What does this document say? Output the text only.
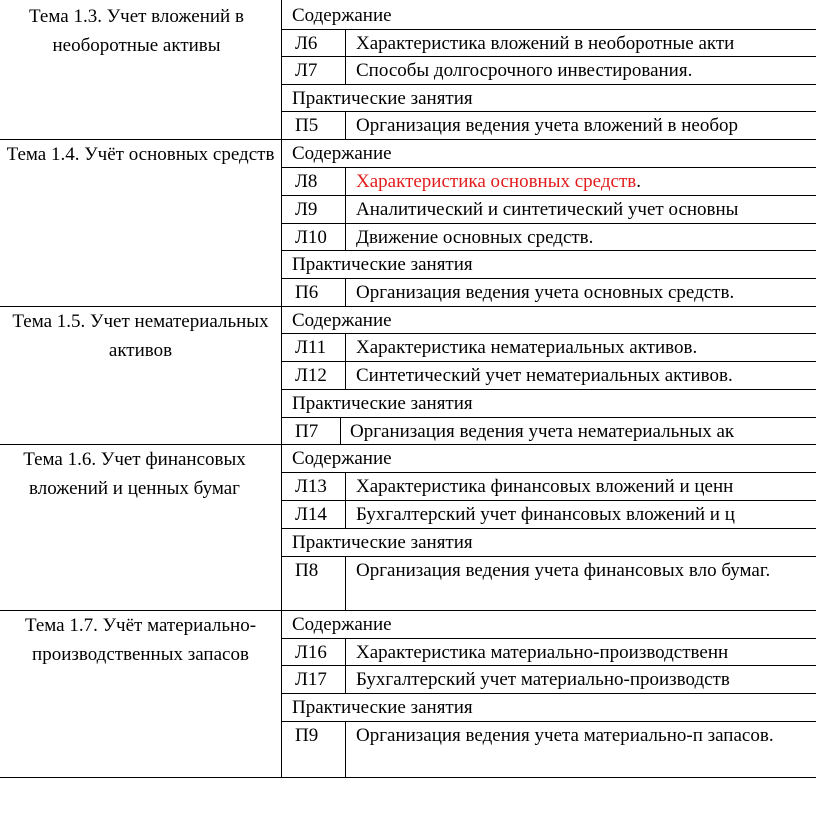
Тема 1.3. Учет вложений в необоротные активы
Содержание
Л6 Характеристика вложений в необоротные акти
Л7 Способы долгосрочного инвестирования.
Практические занятия
П5 Организация ведения учета вложений в необор
Тема 1.4. Учёт основных средств Содержание
Л8 Характеристика основных средств.
Л9 Аналитический и синтетический учет основны
Л10 Движение основных средств.
Практические занятия
П6 Организация ведения учета основных средств.
Тема 1.5. Учет нематериальных активов
Содержание
Л11 Характеристика нематериальных активов.
Л12 Синтетический учет нематериальных активов.
Практические занятия
П7 Организация ведения учета нематериальных ак
Тема 1.6. Учет финансовых вложений и ценных бумаг
Содержание
Л13 Характеристика финансовых вложений и ценн
Л14 Бухгалтерский учет финансовых вложений и ц
Практические занятия
П8 Организация ведения учета финансовых вло бумаг.
Тема 1.7. Учёт материально-производственных запасов
Содержание
Л16 Характеристика материально-производственн
Л17 Бухгалтерский учет материально-производств
Практические занятия
П9 Организация ведения учета материально-п запасов.
